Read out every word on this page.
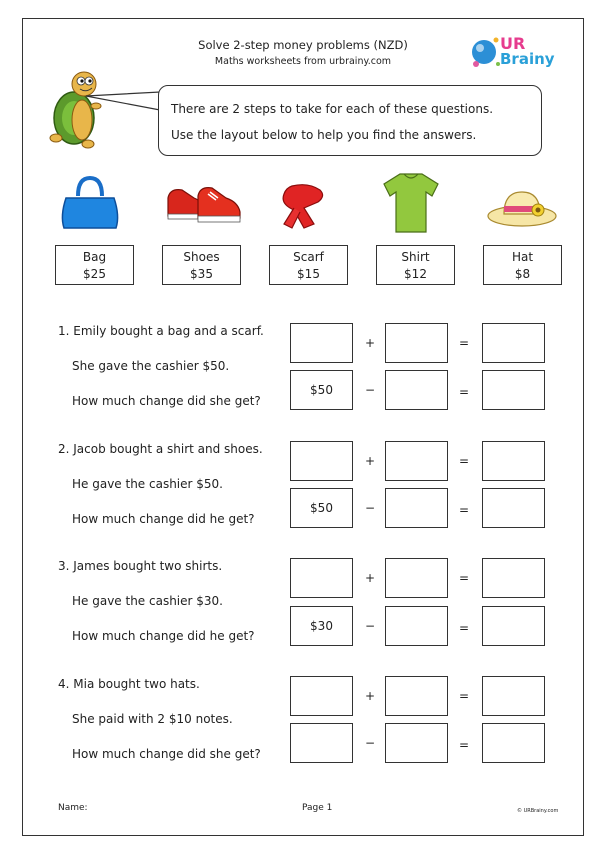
Solve 2-step money problems (NZD)
Maths worksheets from urbrainy.com
UR
Brainy
There are 2 steps to take for each of these questions.
Use the layout below to help you find the answers.
Bag
$25
Shoes
$35
Scarf
$15
Shirt
$12
Hat
$8
1. Emily bought a bag and a scarf.
She gave the cashier $50.
How much change did she get?
+	=
$50	−	=
2. Jacob bought a shirt and shoes.
He gave the cashier $50.
How much change did he get?
+	=
$50	−	=
3. James bought two shirts.
He gave the cashier $30.
How much change did he get?
+	=
$30	−	=
4. Mia bought two hats.
She paid with 2 $10 notes.
How much change did she get?
+	=
−	=
Name:	Page 1	© URBrainy.com
